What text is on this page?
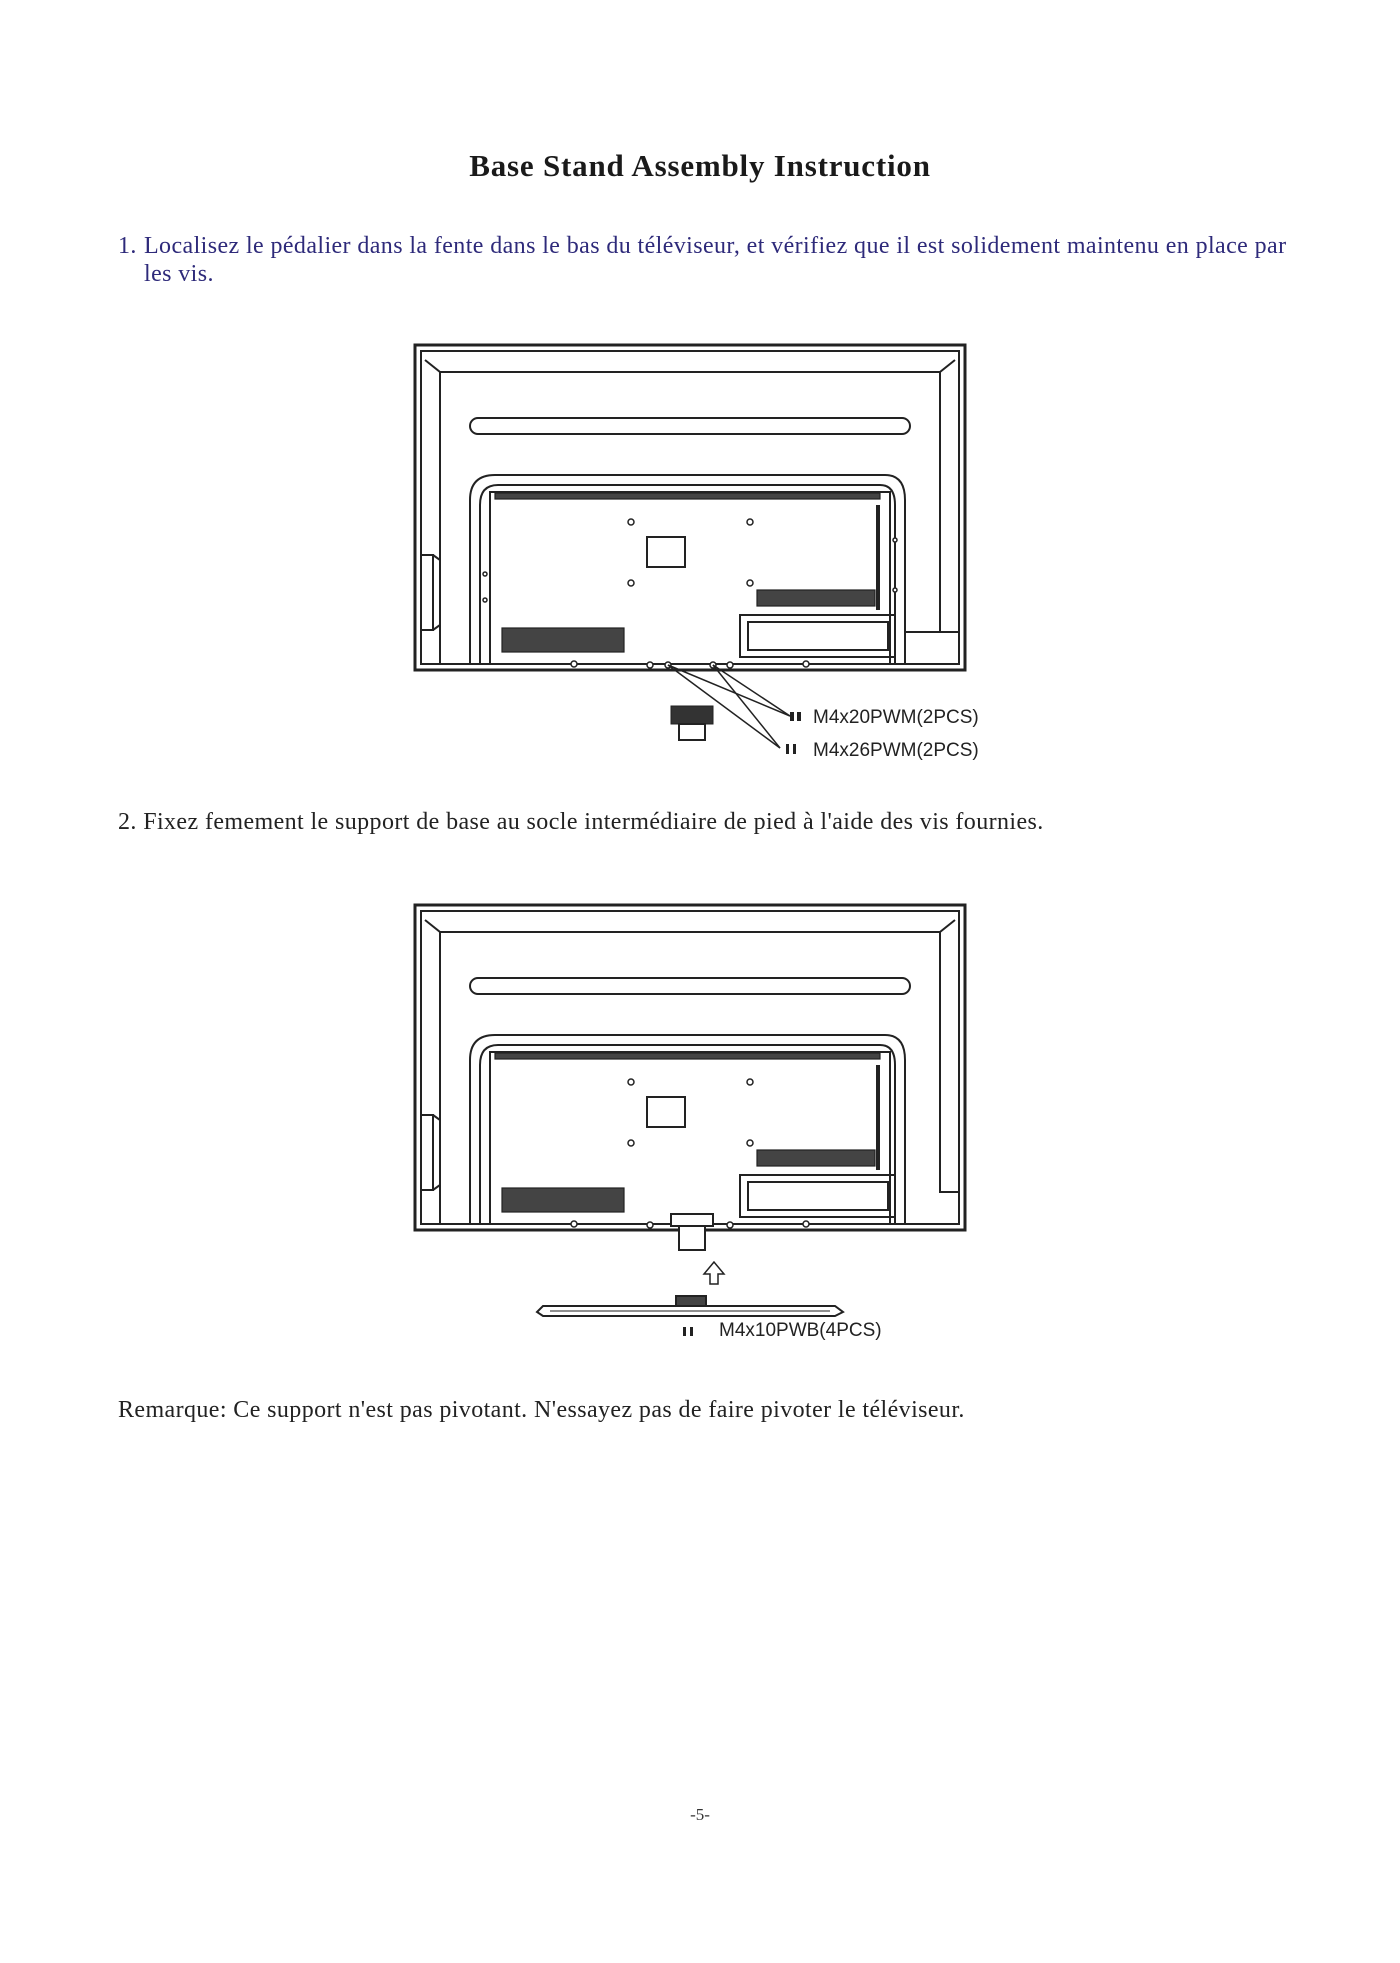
Base Stand Assembly Instruction

1. Localisez le pédalier dans la fente dans le bas du téléviseur, et vérifiez que il est solidement maintenu en place par les vis.

M4x20PWM(2PCS)
M4x26PWM(2PCS)

2. Fixez femement le support de base au socle intermédiaire de pied à l'aide des vis fournies.

M4x10PWB(4PCS)

Remarque: Ce support n'est pas pivotant. N'essayez pas de faire pivoter le téléviseur.

-5-
